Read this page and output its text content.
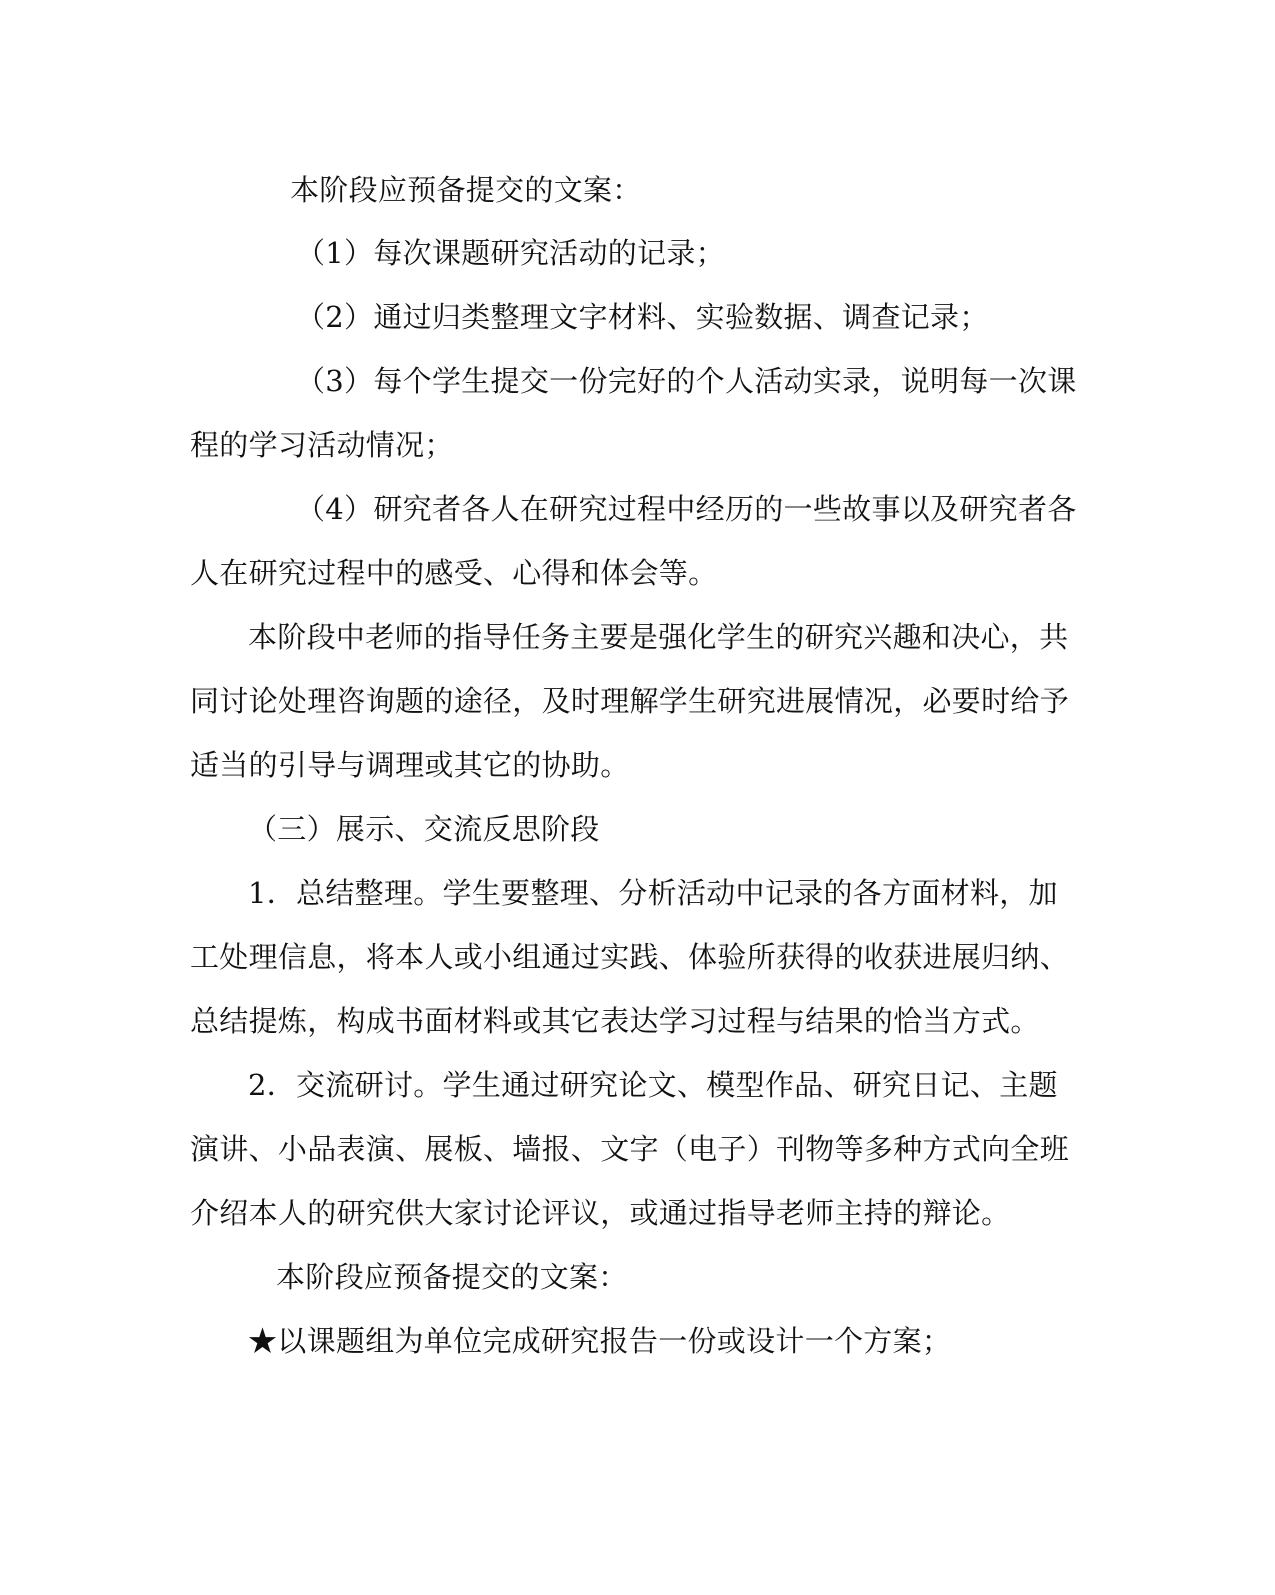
本阶段应预备提交的文案：
（1）每次课题研究活动的记录；
（2）通过归类整理文字材料、实验数据、调查记录；
（3）每个学生提交一份完好的个人活动实录，说明每一次课
程的学习活动情况；
（4）研究者各人在研究过程中经历的一些故事以及研究者各
人在研究过程中的感受、心得和体会等。
本阶段中老师的指导任务主要是强化学生的研究兴趣和决心，共
同讨论处理咨询题的途径，及时理解学生研究进展情况，必要时给予
适当的引导与调理或其它的协助。
（三）展示、交流反思阶段
1．总结整理。学生要整理、分析活动中记录的各方面材料，加
工处理信息，将本人或小组通过实践、体验所获得的收获进展归纳、
总结提炼，构成书面材料或其它表达学习过程与结果的恰当方式。
2．交流研讨。学生通过研究论文、模型作品、研究日记、主题
演讲、小品表演、展板、墙报、文字（电子）刊物等多种方式向全班
介绍本人的研究供大家讨论评议，或通过指导老师主持的辩论。
本阶段应预备提交的文案：
★以课题组为单位完成研究报告一份或设计一个方案；
